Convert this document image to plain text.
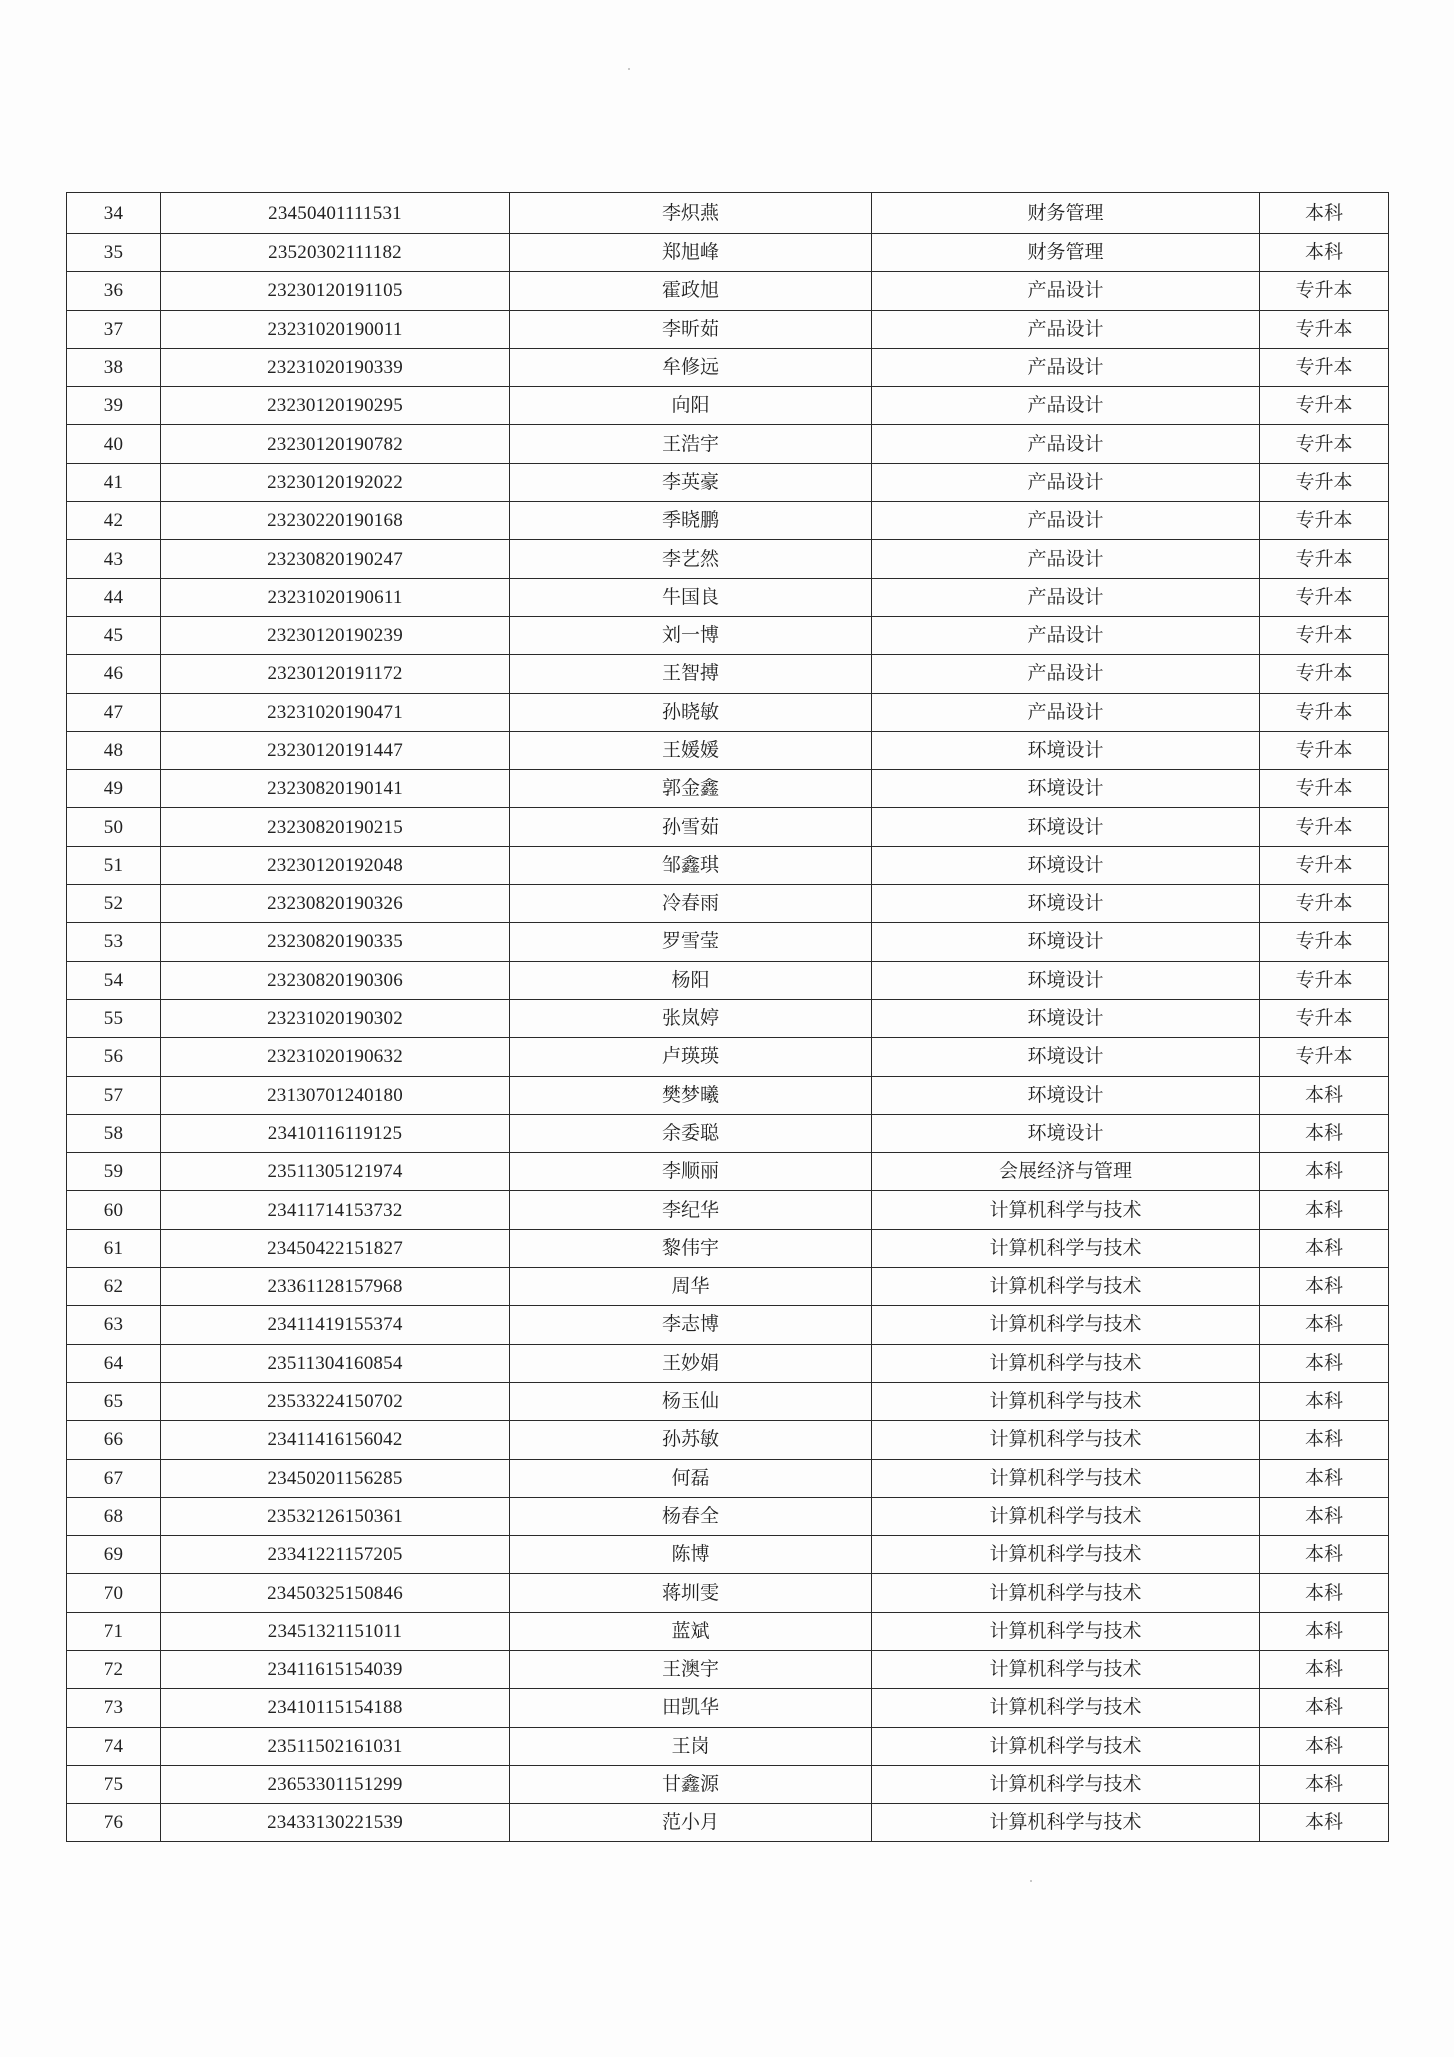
34	23450401111531	李炽燕	财务管理	本科
35	23520302111182	郑旭峰	财务管理	本科
36	23230120191105	霍政旭	产品设计	专升本
37	23231020190011	李昕茹	产品设计	专升本
38	23231020190339	牟修远	产品设计	专升本
39	23230120190295	向阳	产品设计	专升本
40	23230120190782	王浩宇	产品设计	专升本
41	23230120192022	李英豪	产品设计	专升本
42	23230220190168	季晓鹏	产品设计	专升本
43	23230820190247	李艺然	产品设计	专升本
44	23231020190611	牛国良	产品设计	专升本
45	23230120190239	刘一博	产品设计	专升本
46	23230120191172	王智搏	产品设计	专升本
47	23231020190471	孙晓敏	产品设计	专升本
48	23230120191447	王媛媛	环境设计	专升本
49	23230820190141	郭金鑫	环境设计	专升本
50	23230820190215	孙雪茹	环境设计	专升本
51	23230120192048	邹鑫琪	环境设计	专升本
52	23230820190326	冷春雨	环境设计	专升本
53	23230820190335	罗雪莹	环境设计	专升本
54	23230820190306	杨阳	环境设计	专升本
55	23231020190302	张岚婷	环境设计	专升本
56	23231020190632	卢瑛瑛	环境设计	专升本
57	23130701240180	樊梦曦	环境设计	本科
58	23410116119125	余委聪	环境设计	本科
59	23511305121974	李顺丽	会展经济与管理	本科
60	23411714153732	李纪华	计算机科学与技术	本科
61	23450422151827	黎伟宇	计算机科学与技术	本科
62	23361128157968	周华	计算机科学与技术	本科
63	23411419155374	李志博	计算机科学与技术	本科
64	23511304160854	王妙娟	计算机科学与技术	本科
65	23533224150702	杨玉仙	计算机科学与技术	本科
66	23411416156042	孙苏敏	计算机科学与技术	本科
67	23450201156285	何磊	计算机科学与技术	本科
68	23532126150361	杨春全	计算机科学与技术	本科
69	23341221157205	陈博	计算机科学与技术	本科
70	23450325150846	蒋圳雯	计算机科学与技术	本科
71	23451321151011	蓝斌	计算机科学与技术	本科
72	23411615154039	王澳宇	计算机科学与技术	本科
73	23410115154188	田凯华	计算机科学与技术	本科
74	23511502161031	王岗	计算机科学与技术	本科
75	23653301151299	甘鑫源	计算机科学与技术	本科
76	23433130221539	范小月	计算机科学与技术	本科
